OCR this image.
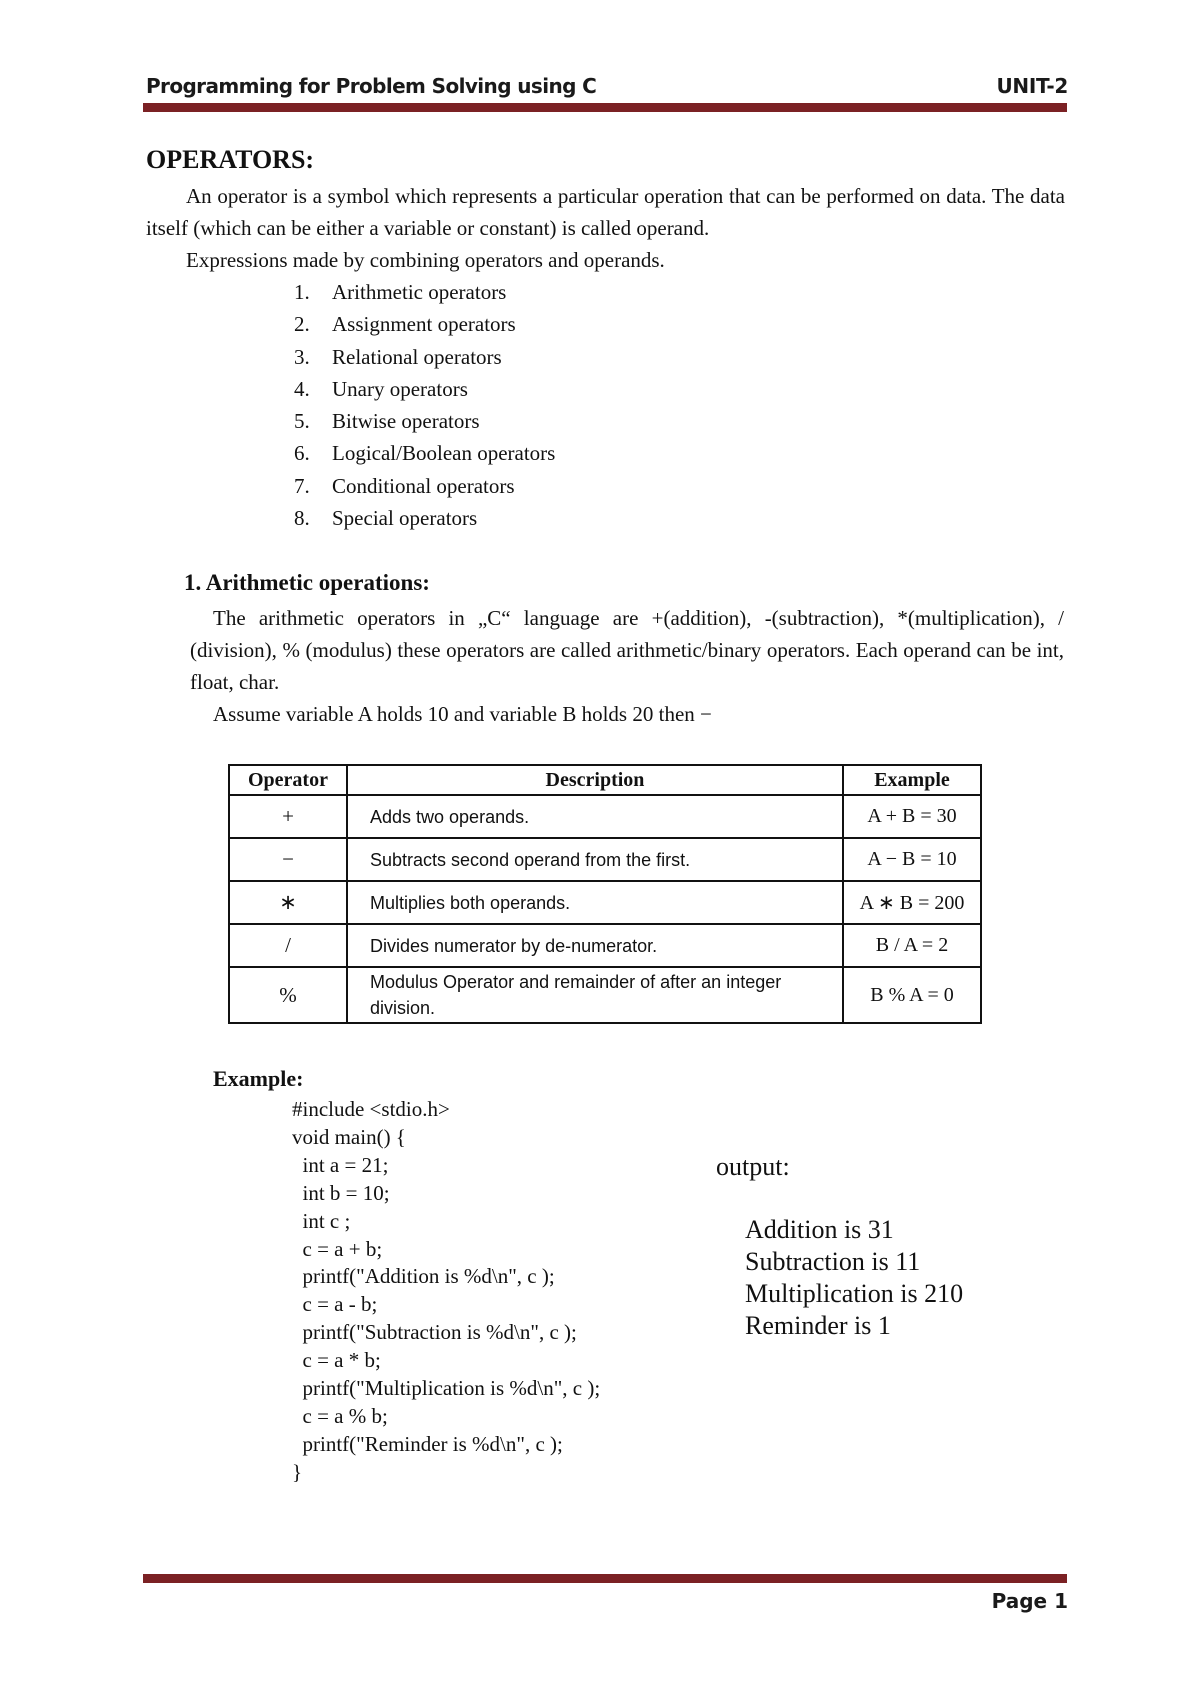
Programming for Problem Solving using C	UNIT-2
OPERATORS:
An operator is a symbol which represents a particular operation that can be performed on data. The data itself (which can be either a variable or constant) is called operand.
Expressions made by combining operators and operands.
1. Arithmetic operators
2. Assignment operators
3. Relational operators
4. Unary operators
5. Bitwise operators
6. Logical/Boolean operators
7. Conditional operators
8. Special operators
1. Arithmetic operations:
The arithmetic operators in „C“ language are +(addition), -(subtraction), *(multiplication), / (division), % (modulus) these operators are called arithmetic/binary operators. Each operand can be int, float, char.
Assume variable A holds 10 and variable B holds 20 then −
Operator	Description	Example
+	Adds two operands.	A + B = 30
−	Subtracts second operand from the first.	A − B = 10
∗	Multiplies both operands.	A ∗ B = 200
/	Divides numerator by de-numerator.	B / A = 2
%	Modulus Operator and remainder of after an integer division.	B % A = 0
Example:
#include <stdio.h>
void main() {
int a = 21;
int b = 10;
int c ;
c = a + b;
printf("Addition is %d\n", c );
c = a - b;
printf("Subtraction is %d\n", c );
c = a * b;
printf("Multiplication is %d\n", c );
c = a % b;
printf("Reminder is %d\n", c );
}
output:
Addition is 31
Subtraction is 11
Multiplication is 210
Reminder is 1
Page 1
